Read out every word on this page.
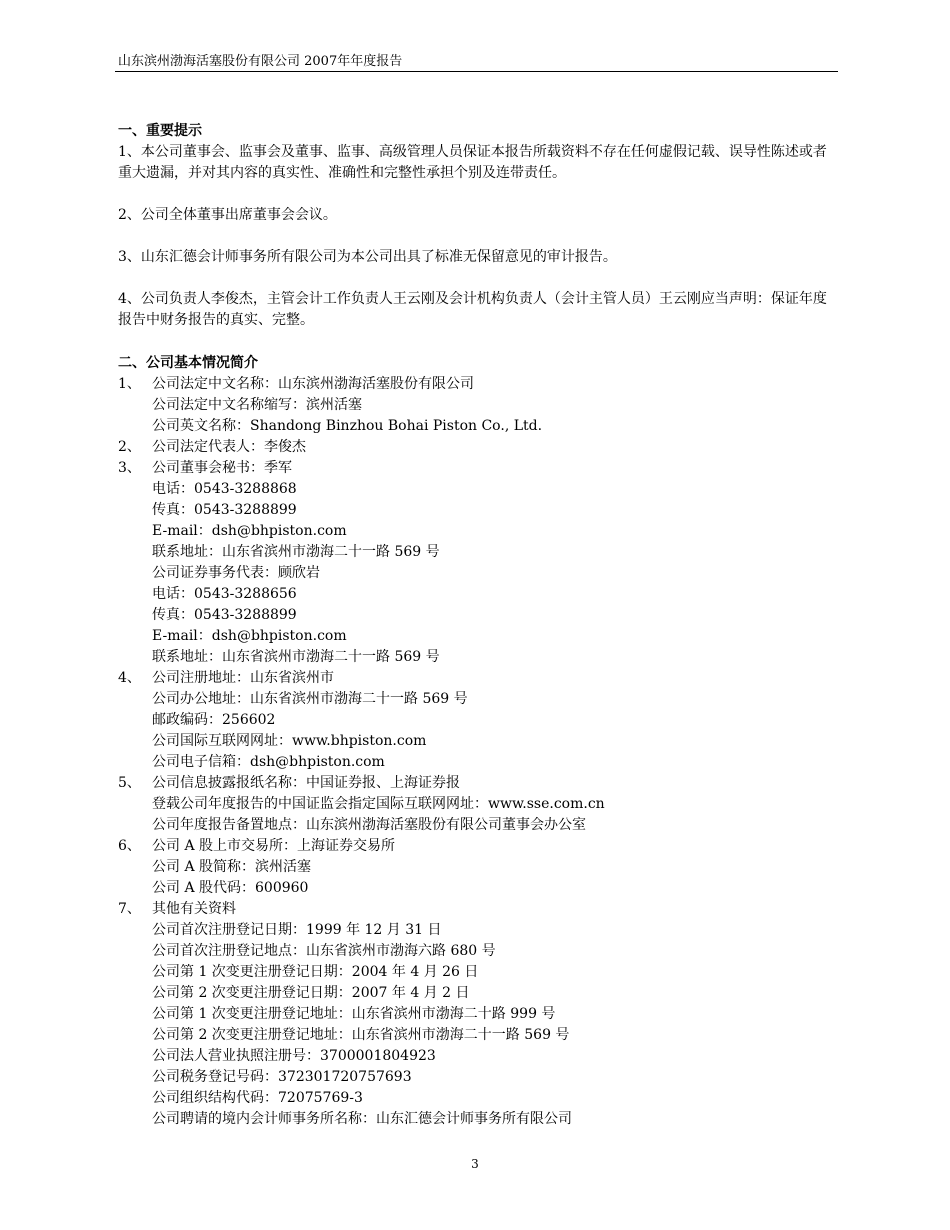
山东滨州渤海活塞股份有限公司 2007年年度报告
一、重要提示
1、本公司董事会、监事会及董事、监事、高级管理人员保证本报告所载资料不存在任何虚假记载、误导性陈述或者重大遗漏，并对其内容的真实性、准确性和完整性承担个别及连带责任。
2、公司全体董事出席董事会会议。
3、山东汇德会计师事务所有限公司为本公司出具了标准无保留意见的审计报告。
4、公司负责人李俊杰，主管会计工作负责人王云刚及会计机构负责人（会计主管人员）王云刚应当声明：保证年度报告中财务报告的真实、完整。
二、公司基本情况简介
1、 公司法定中文名称：山东滨州渤海活塞股份有限公司
公司法定中文名称缩写：滨州活塞
公司英文名称：Shandong Binzhou Bohai Piston Co., Ltd.
2、 公司法定代表人：李俊杰
3、 公司董事会秘书：季军
电话：0543-3288868
传真：0543-3288899
E-mail：dsh@bhpiston.com
联系地址：山东省滨州市渤海二十一路 569 号
公司证券事务代表：顾欣岩
电话：0543-3288656
传真：0543-3288899
E-mail：dsh@bhpiston.com
联系地址：山东省滨州市渤海二十一路 569 号
4、 公司注册地址：山东省滨州市
公司办公地址：山东省滨州市渤海二十一路 569 号
邮政编码：256602
公司国际互联网网址：www.bhpiston.com
公司电子信箱：dsh@bhpiston.com
5、 公司信息披露报纸名称：中国证券报、上海证券报
登载公司年度报告的中国证监会指定国际互联网网址：www.sse.com.cn
公司年度报告备置地点：山东滨州渤海活塞股份有限公司董事会办公室
6、 公司 A 股上市交易所：上海证券交易所
公司 A 股简称：滨州活塞
公司 A 股代码：600960
7、 其他有关资料
公司首次注册登记日期：1999 年 12 月 31 日
公司首次注册登记地点：山东省滨州市渤海六路 680 号
公司第 1 次变更注册登记日期：2004 年 4 月 26 日
公司第 2 次变更注册登记日期：2007 年 4 月 2 日
公司第 1 次变更注册登记地址：山东省滨州市渤海二十路 999 号
公司第 2 次变更注册登记地址：山东省滨州市渤海二十一路 569 号
公司法人营业执照注册号：3700001804923
公司税务登记号码：372301720757693
公司组织结构代码：72075769-3
公司聘请的境内会计师事务所名称：山东汇德会计师事务所有限公司
3
